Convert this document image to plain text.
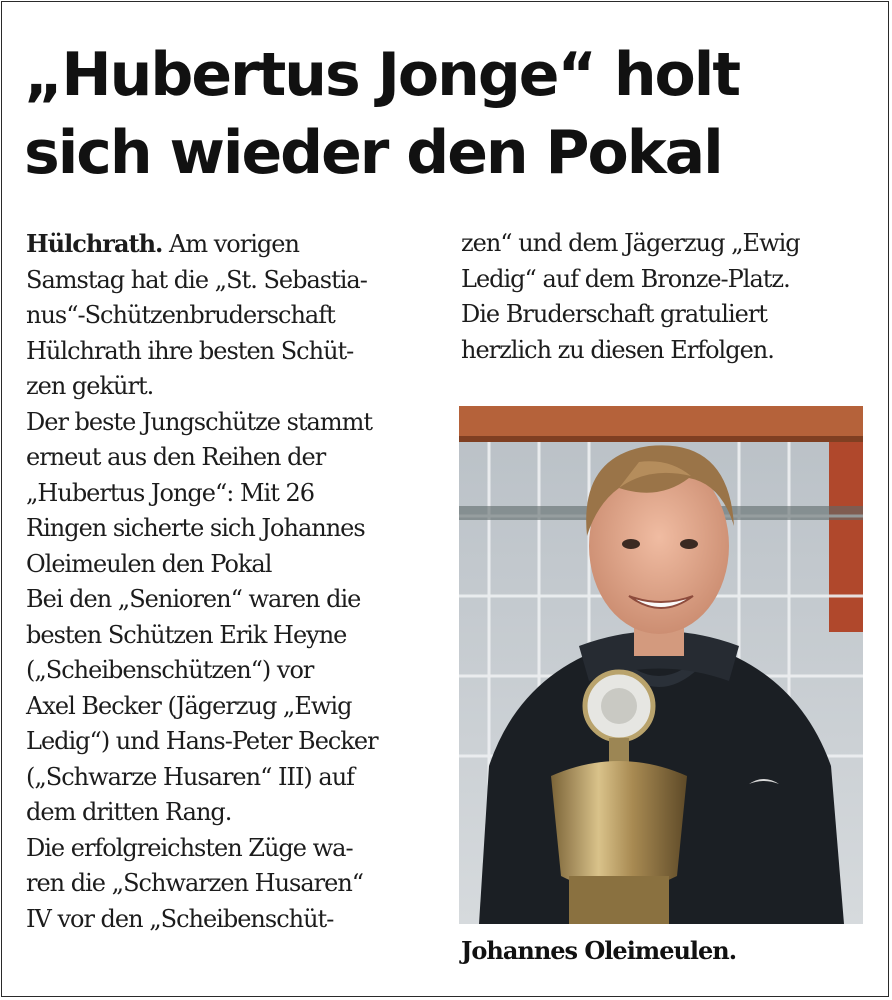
„Hubertus Jonge“ holt
sich wieder den Pokal
Hülchrath. Am vorigen
Samstag hat die „St. Sebastia-
nus“-Schützenbruderschaft
Hülchrath ihre besten Schüt-
zen gekürt.
Der beste Jungschütze stammt
erneut aus den Reihen der
„Hubertus Jonge“: Mit 26
Ringen sicherte sich Johannes
Oleimeulen den Pokal
Bei den „Senioren“ waren die
besten Schützen Erik Heyne
(„Scheibenschützen“) vor
Axel Becker (Jägerzug „Ewig
Ledig“) und Hans-Peter Becker
(„Schwarze Husaren“ III) auf
dem dritten Rang.
Die erfolgreichsten Züge wa-
ren die „Schwarzen Husaren“
IV vor den „Scheibenschüt-
zen“ und dem Jägerzug „Ewig
Ledig“ auf dem Bronze-Platz.
Die Bruderschaft gratuliert
herzlich zu diesen Erfolgen.
Johannes Oleimeulen.
